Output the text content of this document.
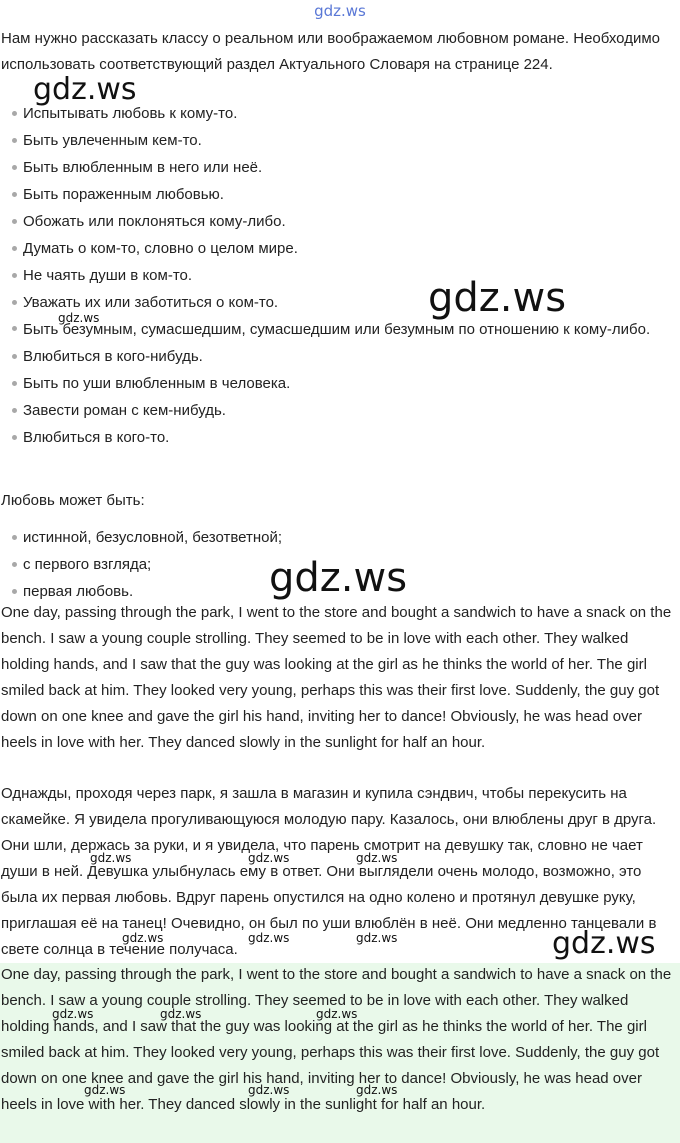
gdz.ws

Нам нужно рассказать классу о реальном или воображаемом любовном романе. Необходимо использовать соответствующий раздел Актуального Словаря на странице 224.

Испытывать любовь к кому-то.
Быть увлеченным кем-то.
Быть влюбленным в него или неё.
Быть пораженным любовью.
Обожать или поклоняться кому-либо.
Думать о ком-то, словно о целом мире.
Не чаять души в ком-то.
Уважать их или заботиться о ком-то.
Быть безумным, сумасшедшим, сумасшедшим или безумным по отношению к кому-либо.
Влюбиться в кого-нибудь.
Быть по уши влюбленным в человека.
Завести роман с кем-нибудь.
Влюбиться в кого-то.

Любовь может быть:

истинной, безусловной, безответной;
с первого взгляда;
первая любовь.

One day, passing through the park, I went to the store and bought a sandwich to have a snack on the bench. I saw a young couple strolling. They seemed to be in love with each other. They walked holding hands, and I saw that the guy was looking at the girl as he thinks the world of her. The girl smiled back at him. They looked very young, perhaps this was their first love. Suddenly, the guy got down on one knee and gave the girl his hand, inviting her to dance! Obviously, he was head over heels in love with her. They danced slowly in the sunlight for half an hour.

Однажды, проходя через парк, я зашла в магазин и купила сэндвич, чтобы перекусить на скамейке. Я увидела прогуливающуюся молодую пару. Казалось, они влюблены друг в друга. Они шли, держась за руки, и я увидела, что парень смотрит на девушку так, словно не чает души в ней. Девушка улыбнулась ему в ответ. Они выглядели очень молодо, возможно, это была их первая любовь. Вдруг парень опустился на одно колено и протянул девушке руку, приглашая её на танец! Очевидно, он был по уши влюблён в неё. Они медленно танцевали в свете солнца в течение получаса.

One day, passing through the park, I went to the store and bought a sandwich to have a snack on the bench. I saw a young couple strolling. They seemed to be in love with each other. They walked holding hands, and I saw that the guy was looking at the girl as he thinks the world of her. The girl smiled back at him. They looked very young, perhaps this was their first love. Suddenly, the guy got down on one knee and gave the girl his hand, inviting her to dance! Obviously, he was head over heels in love with her. They danced slowly in the sunlight for half an hour.

gdz.ws
gdz.ws	gdz.ws
gdz.ws
gdz.ws	gdz.ws	gdz.ws
gdz.ws	gdz.ws	gdz.ws	gdz.ws
gdz.ws	gdz.ws	gdz.ws
gdz.ws	gdz.ws	gdz.ws
